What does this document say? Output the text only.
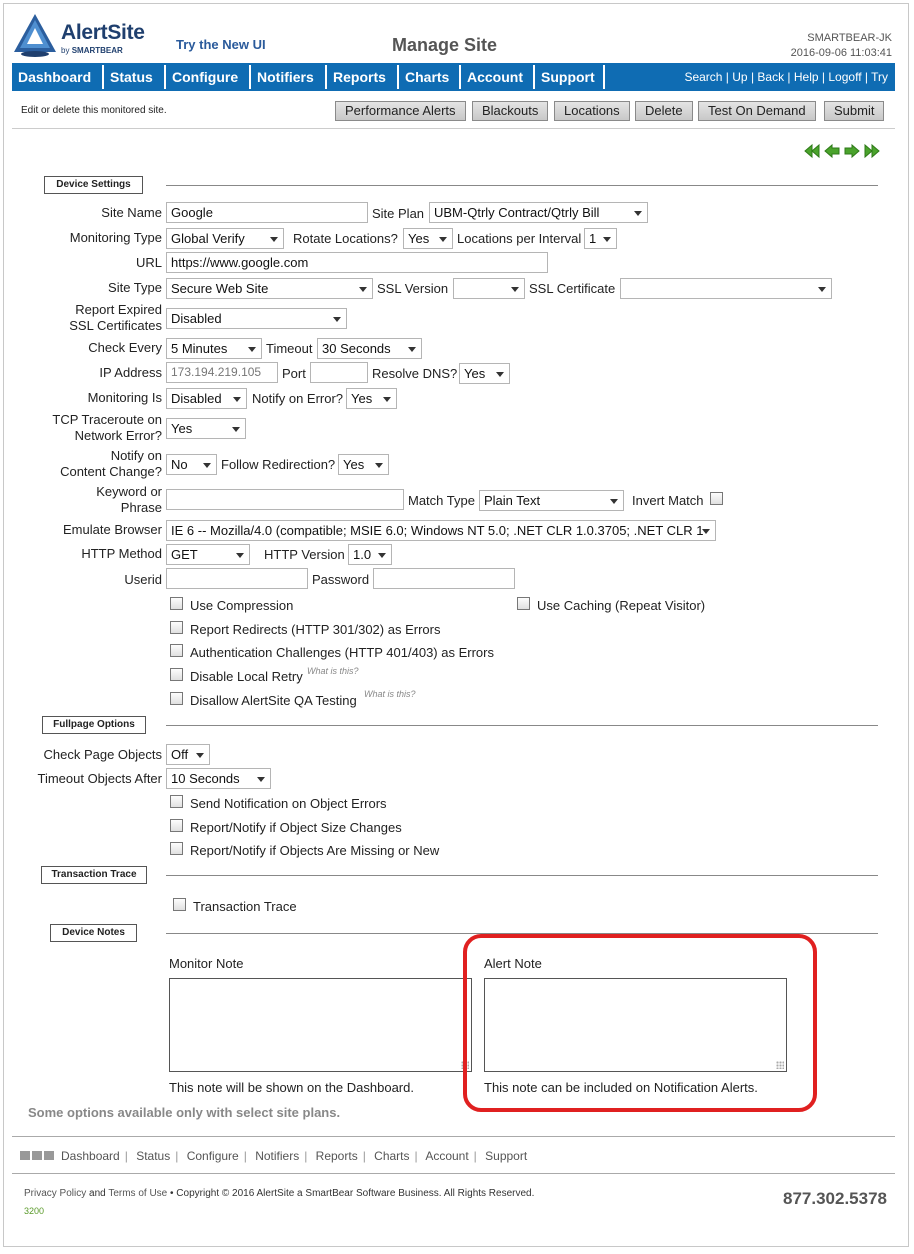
AlertSite
by SMARTBEAR	Try the New UI	Manage Site	SMARTBEAR-JK
2016-09-06 11:03:41
Dashboard	Status	Configure	Notifiers	Reports	Charts	Account	Support	Search | Up | Back | Help | Logoff | Try
Edit or delete this monitored site.	Performance Alerts	Blackouts	Locations	Delete	Test On Demand	Submit
Device Settings
Site Name Google	Site Plan UBM-Qtrly Contract/Qtrly Bill
Monitoring Type Global Verify	Rotate Locations? Yes	Locations per Interval 1
URL https://www.google.com
Site Type Secure Web Site	SSL Version	SSL Certificate
Report Expired
SSL Certificates Disabled
Check Every 5 Minutes	Timeout 30 Seconds
IP Address 173.194.219.105	Port	Resolve DNS? Yes
Monitoring Is Disabled	Notify on Error? Yes
TCP Traceroute on
Network Error? Yes
Notify on
Content Change? No	Follow Redirection? Yes
Keyword or
Phrase	Match Type Plain Text	Invert Match
Emulate Browser IE 6 -- Mozilla/4.0 (compatible; MSIE 6.0; Windows NT 5.0; .NET CLR 1.0.3705; .NET CLR 1
HTTP Method GET	HTTP Version 1.0
Userid	Password
Use Compression	Use Caching (Repeat Visitor)
Report Redirects (HTTP 301/302) as Errors
Authentication Challenges (HTTP 401/403) as Errors
Disable Local Retry What is this?
Disallow AlertSite QA Testing What is this?
Fullpage Options
Check Page Objects Off
Timeout Objects After 10 Seconds
Send Notification on Object Errors
Report/Notify if Object Size Changes
Report/Notify if Objects Are Missing or New
Transaction Trace
Transaction Trace
Device Notes
Monitor Note
This note will be shown on the Dashboard.
Alert Note
This note can be included on Notification Alerts.
Some options available only with select site plans.
Dashboard | Status | Configure | Notifiers | Reports | Charts | Account | Support
Privacy Policy and Terms of Use • Copyright © 2016 AlertSite a SmartBear Software Business. All Rights Reserved.
3200
877.302.5378
